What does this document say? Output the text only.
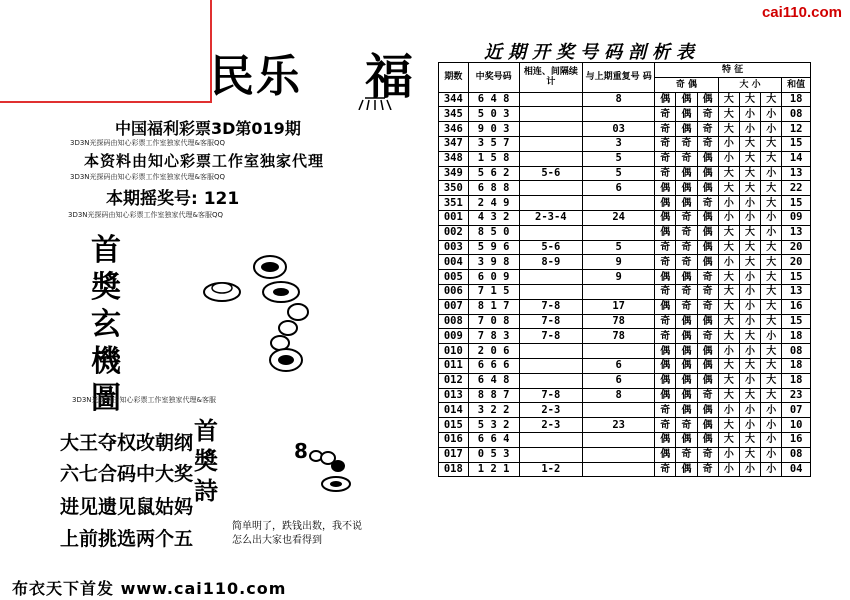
cai110.com
民乐 福
中国福利彩票3D第019期
3D3N光探码由知心彩票工作室独家代理&客服QQ
本资料由知心彩票工作室独家代理
3D3N光探码由知心彩票工作室独家代理&客服QQ
本期摇奖号: 121
3D3N光探码由知心彩票工作室独家代理&客服QQ
首
奬
玄
機
圖
3D3N光探码由知心彩票工作室独家代理&客服
大王夺权改朝纲
六七合码中大奖
进见遗见鼠姑妈
上前挑选两个五
首
奬
詩
8
简单明了，跌钱出数，我不说
怎么出大家也看得到
布衣天下首发 www.cai110.com
近期开奖号码剖析表
期数	中奖号码	相连、间隔续 计	与上期重复号 码	特 征						
				奇 偶			大 小			和值
344	6 4 8		8	偶	偶	偶	大	大	大	18
345	5 0 3			奇	偶	奇	大	小	小	08
346	9 0 3		03	奇	偶	奇	大	小	小	12
347	3 5 7		3	奇	奇	奇	小	大	大	15
348	1 5 8		5	奇	奇	偶	小	大	大	14
349	5 6 2	5-6	5	奇	偶	偶	大	大	小	13
350	6 8 8		6	偶	偶	偶	大	大	大	22
351	2 4 9			偶	偶	奇	小	小	大	15
001	4 3 2	2-3-4	24	偶	奇	偶	小	小	小	09
002	8 5 0			偶	奇	偶	大	大	小	13
003	5 9 6	5-6	5	奇	奇	偶	大	大	大	20
004	3 9 8	8-9	9	奇	奇	偶	小	大	大	20
005	6 0 9		9	偶	偶	奇	大	小	大	15
006	7 1 5			奇	奇	奇	大	小	大	13
007	8 1 7	7-8	17	偶	奇	奇	大	小	大	16
008	7 0 8	7-8	78	奇	偶	偶	大	小	大	15
009	7 8 3	7-8	78	奇	偶	奇	大	大	小	18
010	2 0 6			偶	偶	偶	小	小	大	08
011	6 6 6		6	偶	偶	偶	大	大	大	18
012	6 4 8		6	偶	偶	偶	大	小	大	18
013	8 8 7	7-8	8	偶	偶	奇	大	大	大	23
014	3 2 2	2-3		奇	偶	偶	小	小	小	07
015	5 3 2	2-3	23	奇	奇	偶	大	小	小	10
016	6 6 4			偶	偶	偶	大	大	小	16
017	0 5 3			偶	奇	奇	小	大	小	08
018	1 2 1	1-2		奇	偶	奇	小	小	小	04
